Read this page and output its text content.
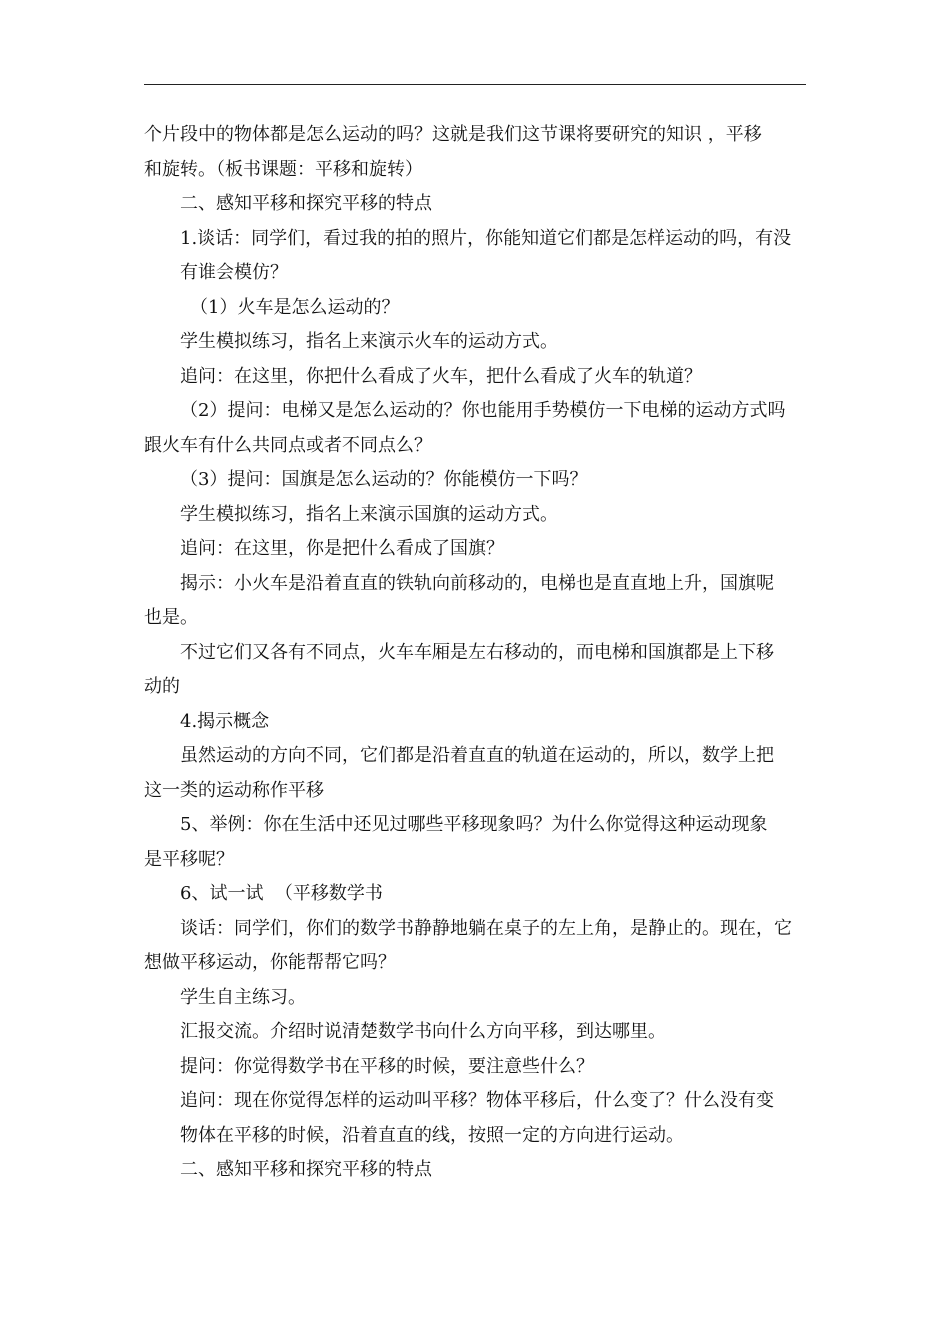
个片段中的物体都是怎么运动的吗？这就是我们这节课将要研究的知识 ，平移
和旋转。（板书课题：平移和旋转）
二、感知平移和探究平移的特点
1.谈话：同学们，看过我的拍的照片，你能知道它们都是怎样运动的吗，有没
有谁会模仿？
（1）火车是怎么运动的？
学生模拟练习，指名上来演示火车的运动方式。
追问：在这里，你把什么看成了火车，把什么看成了火车的轨道？
（2）提问：电梯又是怎么运动的？你也能用手势模仿一下电梯的运动方式吗
跟火车有什么共同点或者不同点么？
（3）提问：国旗是怎么运动的？你能模仿一下吗？
学生模拟练习，指名上来演示国旗的运动方式。
追问：在这里，你是把什么看成了国旗？
揭示：小火车是沿着直直的铁轨向前移动的，电梯也是直直地上升，国旗呢
也是。
不过它们又各有不同点，火车车厢是左右移动的，而电梯和国旗都是上下移
动的
4.揭示概念
虽然运动的方向不同，它们都是沿着直直的轨道在运动的，所以，数学上把
这一类的运动称作平移
5、举例：你在生活中还见过哪些平移现象吗？为什么你觉得这种运动现象
是平移呢？
6、试一试  （平移数学书
谈话：同学们，你们的数学书静静地躺在桌子的左上角，是静止的。现在，它
想做平移运动，你能帮帮它吗？
学生自主练习。
汇报交流。介绍时说清楚数学书向什么方向平移，到达哪里。
提问：你觉得数学书在平移的时候，要注意些什么？
追问：现在你觉得怎样的运动叫平移？物体平移后，什么变了？什么没有变
物体在平移的时候，沿着直直的线，按照一定的方向进行运动。
二、感知平移和探究平移的特点
